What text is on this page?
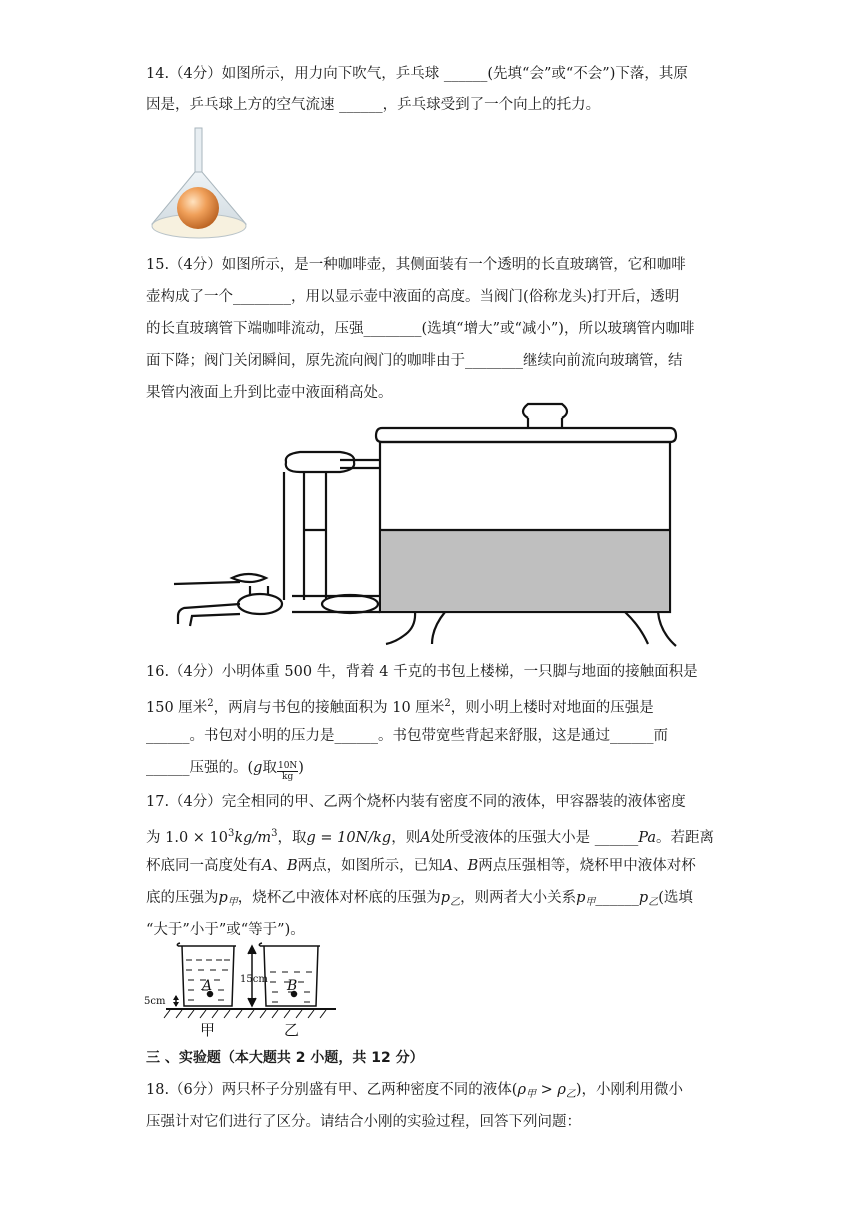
14.（4分）如图所示，用力向下吹气，乒乓球 ______(先填“会”或“不会”)下落，其原

因是，乒乓球上方的空气流速 ______，乒乓球受到了一个向上的托力。

15.（4分）如图所示，是一种咖啡壶，其侧面装有一个透明的长直玻璃管，它和咖啡

壶构成了一个________，用以显示壶中液面的高度。当阀门(俗称龙头)打开后，透明

的长直玻璃管下端咖啡流动，压强________(选填“增大”或“减小”)，所以玻璃管内咖啡

面下降；阀门关闭瞬间，原先流向阀门的咖啡由于________继续向前流向玻璃管，结

果管内液面上升到比壶中液面稍高处。

16.（4分）小明体重 500 牛，背着 4 千克的书包上楼梯，一只脚与地面的接触面积是

150 厘米$^2$，两肩与书包的接触面积为 10 厘米$^2$，则小明上楼时对地面的压强是

______。书包对小明的压力是______。书包带宽些背起来舒服，这是通过______而

______压强的。(g取 $\frac{10N}{kg}$ )

17.（4分）完全相同的甲、乙两个烧杯内装有密度不同的液体，甲容器装的液体密度

为 $1.0 \times 10^3kg/m^3$，取g = 10N/kg，则A处所受液体的压强大小是 ______Pa。若距离

杯底同一高度处有A、B两点，如图所示，已知A、B两点压强相等，烧杯甲中液体对杯

底的压强为$p_甲$，烧杯乙中液体对杯底的压强为$p_乙$，则两者大小关系$p_甲\_\_\_\_\_\_p_乙$(选填

“大于”小于”或“等于”)。

A	B
15cm
5cm
甲	乙

三 、实验题（本大题共 2 小题，共 12 分）

18.（6分）两只杯子分别盛有甲、乙两种密度不同的液体$(\rho_甲 > \rho_乙)$，小刚利用微小

压强计对它们进行了区分。请结合小刚的实验过程，回答下列问题：
